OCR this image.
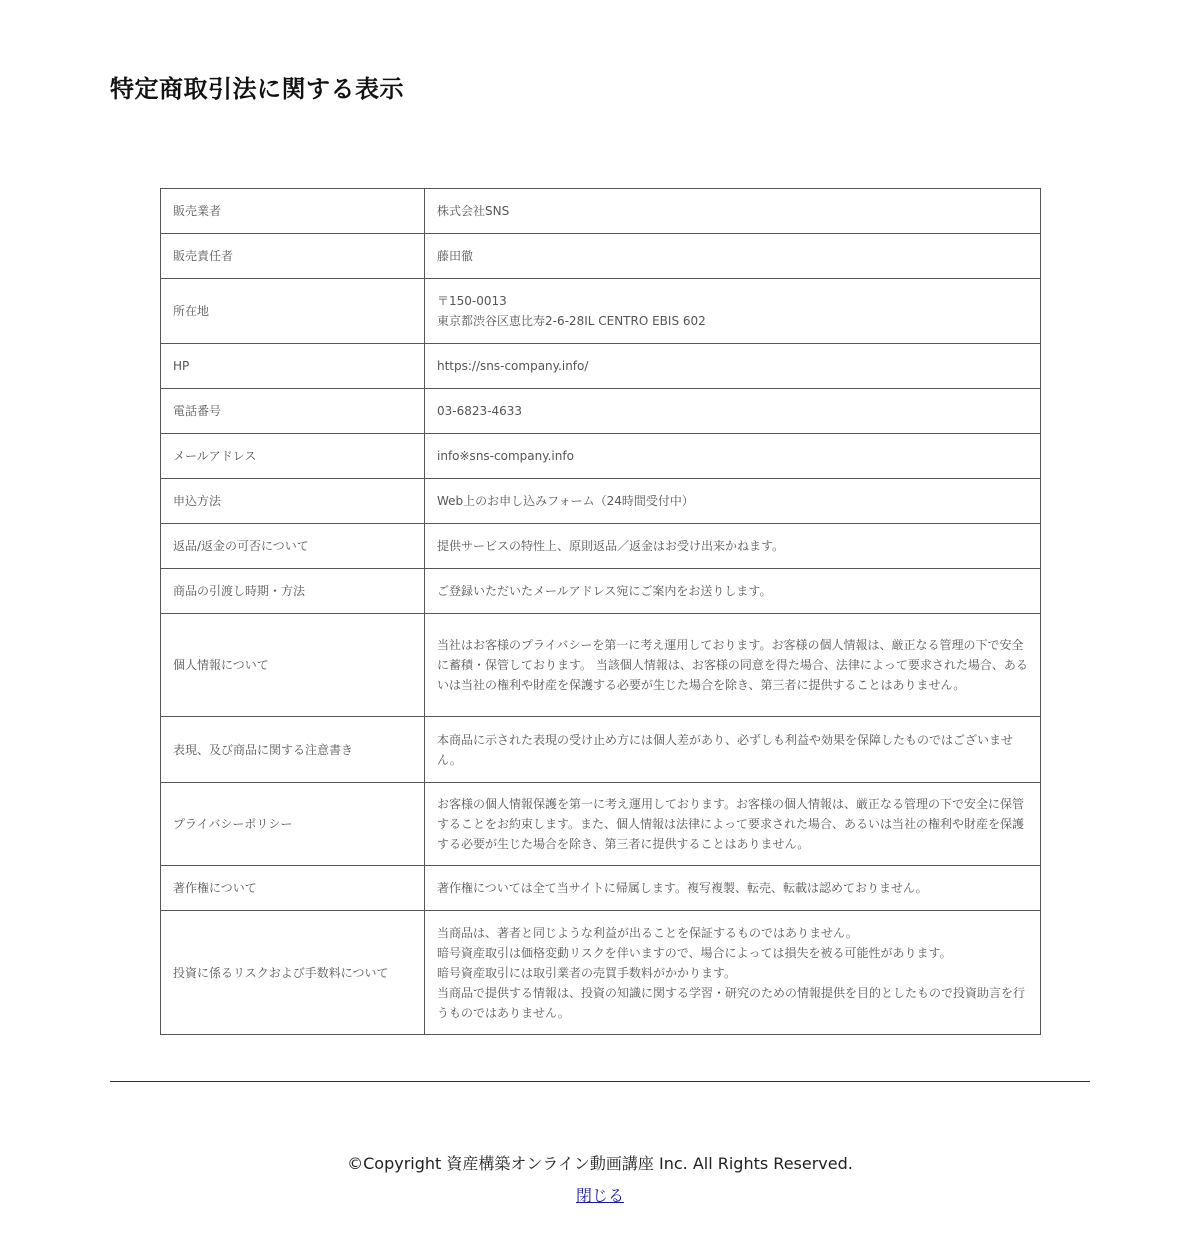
特定商取引法に関する表示
販売業者	株式会社SNS

販売責任者	藤田徹

所在地	〒150-0013
東京都渋谷区恵比寿2-6-28IL CENTRO EBIS 602

HP	https://sns-company.info/

電話番号	03-6823-4633

メールアドレス	info※sns-company.info

申込方法	Web上のお申し込みフォーム（24時間受付中）

返品/返金の可否について	提供サービスの特性上、原則返品／返金はお受け出来かねます。

商品の引渡し時期・方法	ご登録いただいたメールアドレス宛にご案内をお送りします。

個人情報について	当社はお客様のプライバシーを第一に考え運用しております。お客様の個人情報は、厳正なる管理の下で安全に蓄積・保管しております。 当該個人情報は、お客様の同意を得た場合、法律によって要求された場合、あるいは当社の権利や財産を保護する必要が生じた場合を除き、第三者に提供することはありません。

表現、及び商品に関する注意書き	本商品に示された表現の受け止め方には個人差があり、必ずしも利益や効果を保障したものではございません。

プライバシーポリシー	お客様の個人情報保護を第一に考え運用しております。お客様の個人情報は、厳正なる管理の下で安全に保管することをお約束します。また、個人情報は法律によって要求された場合、あるいは当社の権利や財産を保護する必要が生じた場合を除き、第三者に提供することはありません。

著作権について	著作権については全て当サイトに帰属します。複写複製、転売、転載は認めておりません。

投資に係るリスクおよび手数料について	当商品は、著者と同じような利益が出ることを保証するものではありません。
暗号資産取引は価格変動リスクを伴いますので、場合によっては損失を被る可能性があります。
暗号資産取引には取引業者の売買手数料がかかります。
当商品で提供する情報は、投資の知識に関する学習・研究のための情報提供を目的としたもので投資助言を行うものではありません。
©Copyright 資産構築オンライン動画講座 Inc. All Rights Reserved.
閉じる
